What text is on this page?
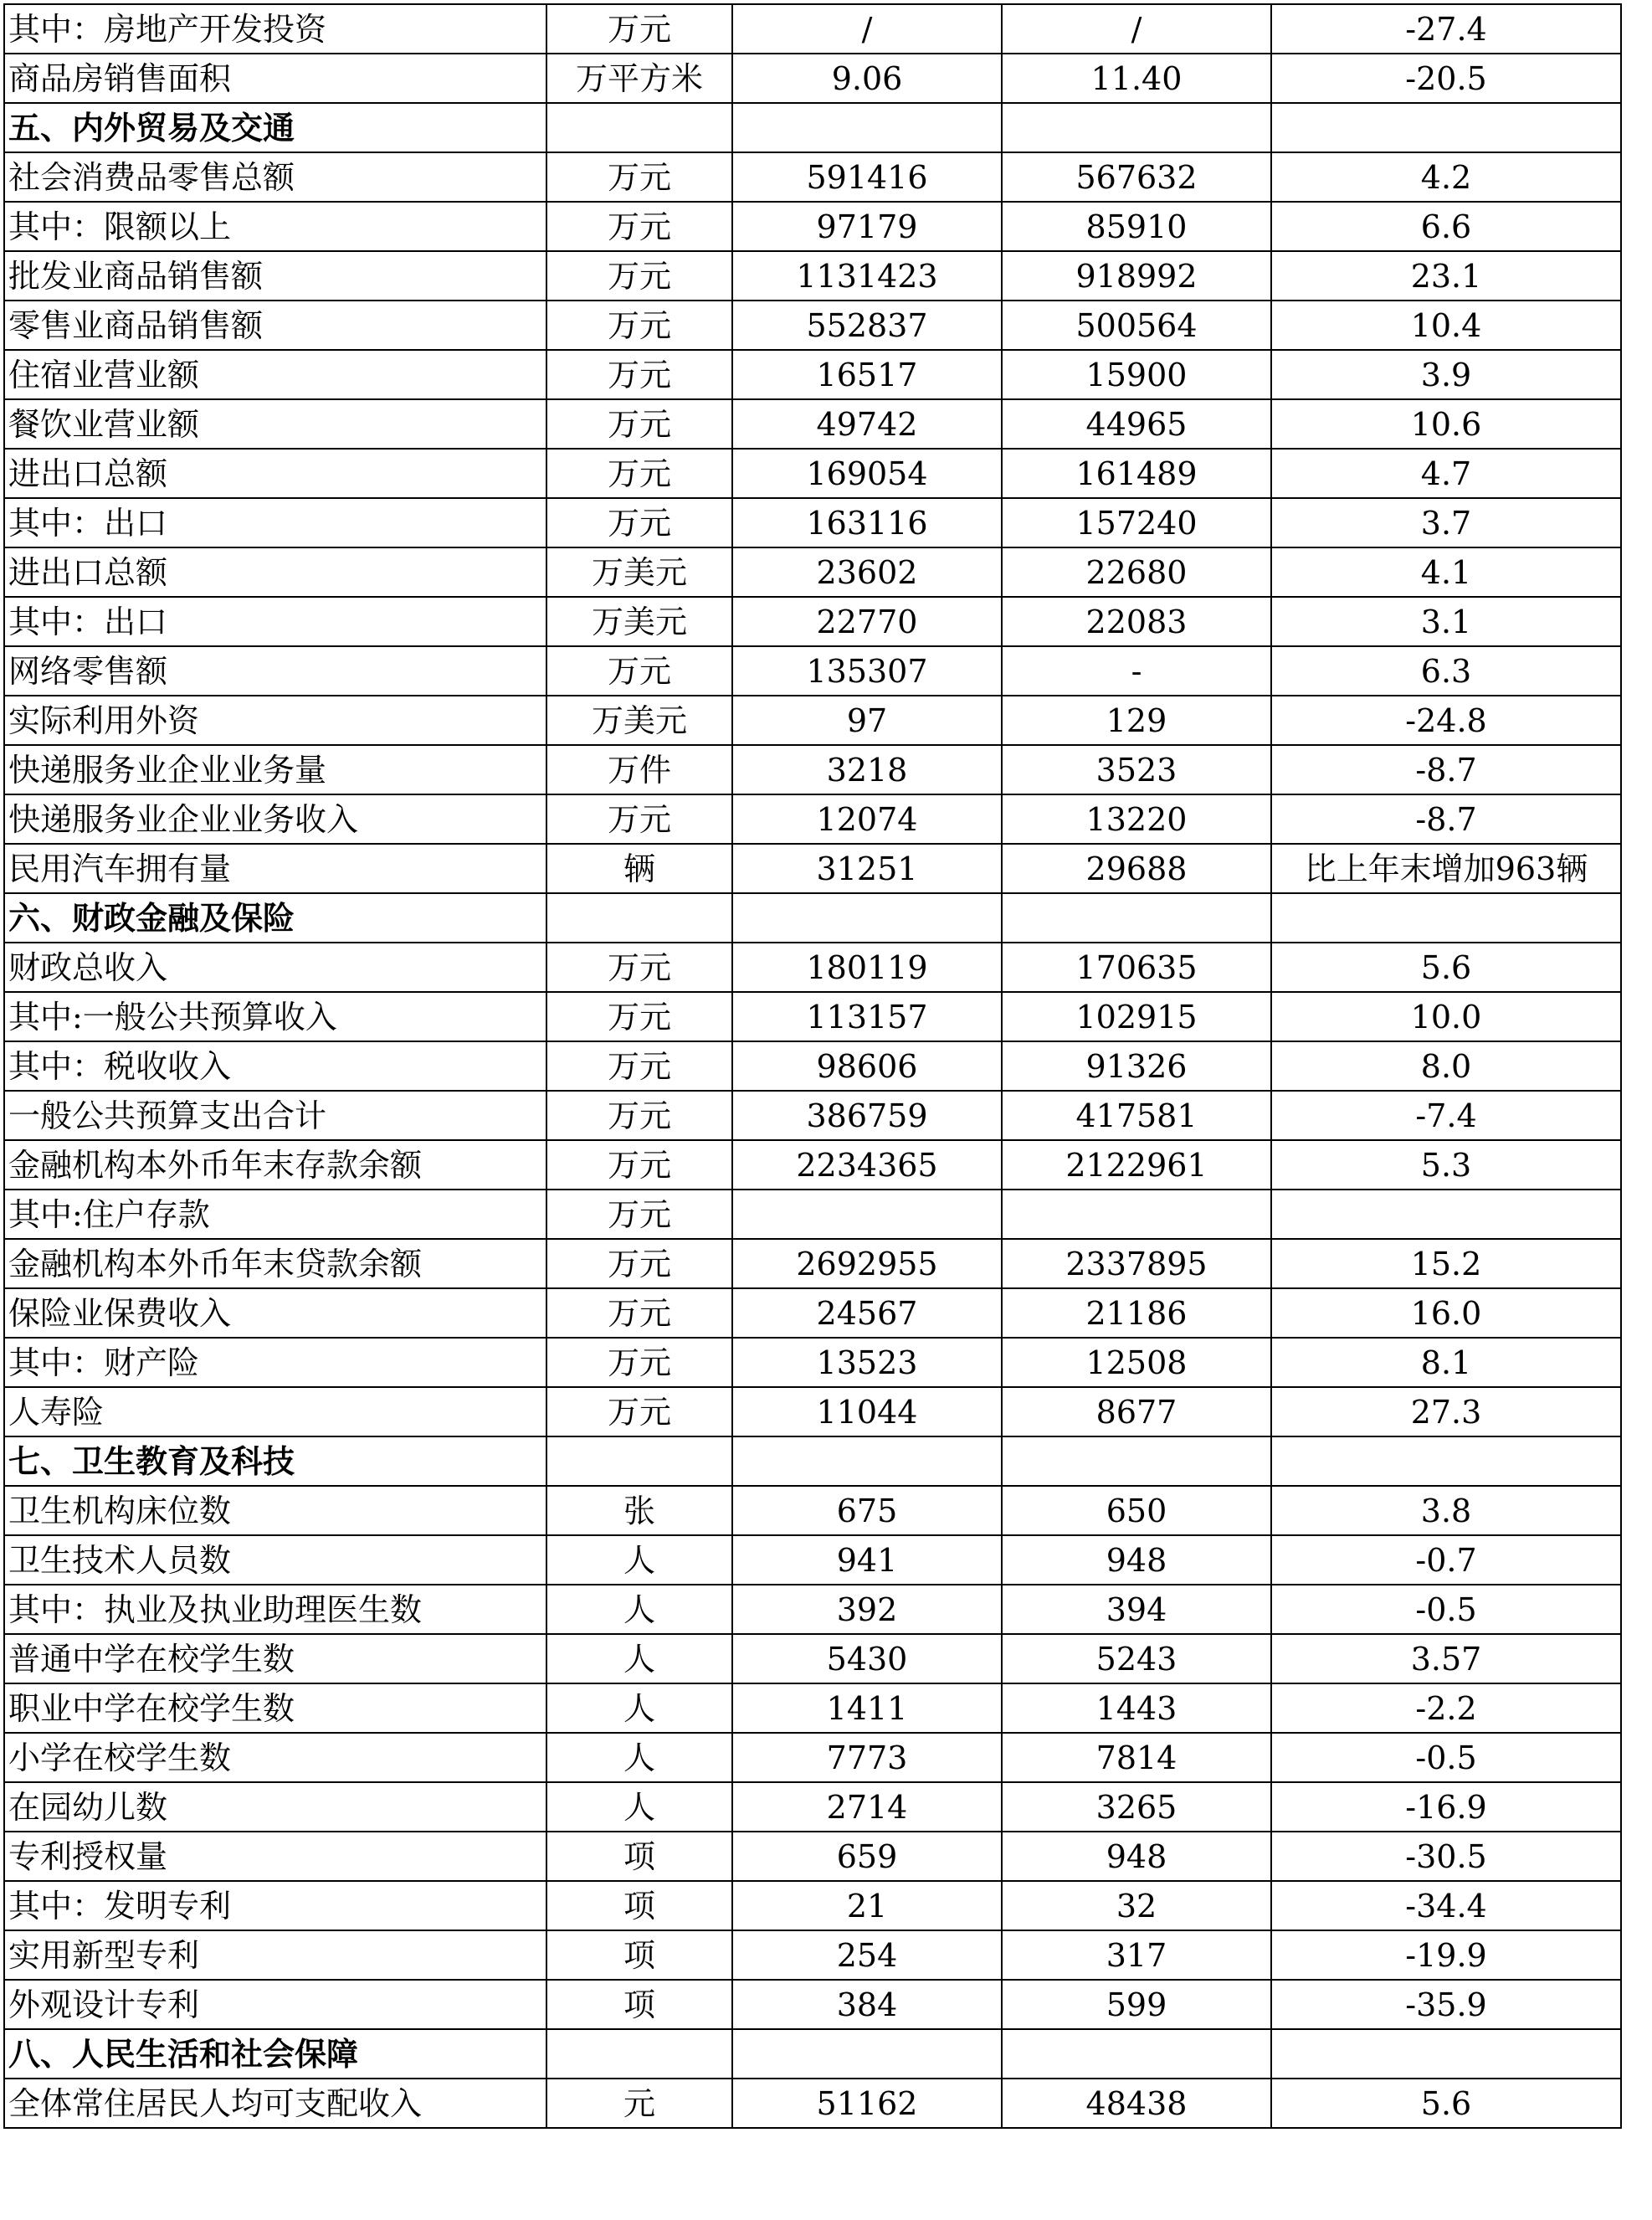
其中：房地产开发投资	万元	/	/	-27.4
商品房销售面积	万平方米	9.06	11.40	-20.5
五、内外贸易及交通				
社会消费品零售总额	万元	591416	567632	4.2
其中：限额以上	万元	97179	85910	6.6
批发业商品销售额	万元	1131423	918992	23.1
零售业商品销售额	万元	552837	500564	10.4
住宿业营业额	万元	16517	15900	3.9
餐饮业营业额	万元	49742	44965	10.6
进出口总额	万元	169054	161489	4.7
其中：出口	万元	163116	157240	3.7
进出口总额	万美元	23602	22680	4.1
其中：出口	万美元	22770	22083	3.1
网络零售额	万元	135307	-	6.3
实际利用外资	万美元	97	129	-24.8
快递服务业企业业务量	万件	3218	3523	-8.7
快递服务业企业业务收入	万元	12074	13220	-8.7
民用汽车拥有量	辆	31251	29688	比上年末增加963辆
六、财政金融及保险				
财政总收入	万元	180119	170635	5.6
其中:一般公共预算收入	万元	113157	102915	10.0
其中：税收收入	万元	98606	91326	8.0
一般公共预算支出合计	万元	386759	417581	-7.4
金融机构本外币年末存款余额	万元	2234365	2122961	5.3
其中:住户存款	万元			
金融机构本外币年末贷款余额	万元	2692955	2337895	15.2
保险业保费收入	万元	24567	21186	16.0
其中：财产险	万元	13523	12508	8.1
人寿险	万元	11044	8677	27.3
七、卫生教育及科技				
卫生机构床位数	张	675	650	3.8
卫生技术人员数	人	941	948	-0.7
其中：执业及执业助理医生数	人	392	394	-0.5
普通中学在校学生数	人	5430	5243	3.57
职业中学在校学生数	人	1411	1443	-2.2
小学在校学生数	人	7773	7814	-0.5
在园幼儿数	人	2714	3265	-16.9
专利授权量	项	659	948	-30.5
其中：发明专利	项	21	32	-34.4
实用新型专利	项	254	317	-19.9
外观设计专利	项	384	599	-35.9
八、人民生活和社会保障				
全体常住居民人均可支配收入	元	51162	48438	5.6
